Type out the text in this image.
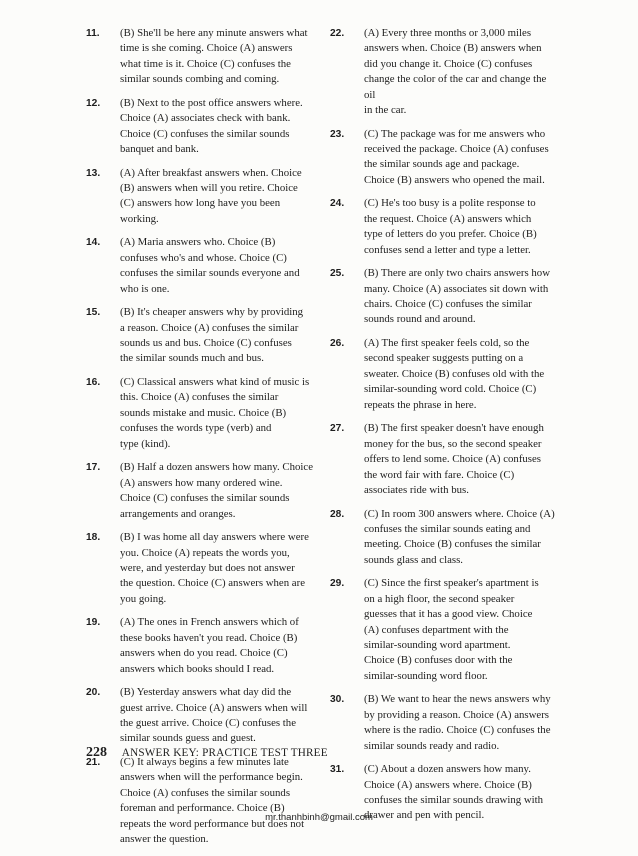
11. (B) She'll be here any minute answers what
time is she coming. Choice (A) answers
what time is it. Choice (C) confuses the
similar sounds combing and coming.
12. (B) Next to the post office answers where.
Choice (A) associates check with bank.
Choice (C) confuses the similar sounds
banquet and bank.
13. (A) After breakfast answers when. Choice
(B) answers when will you retire. Choice
(C) answers how long have you been
working.
14. (A) Maria answers who. Choice (B)
confuses who's and whose. Choice (C)
confuses the similar sounds everyone and
who is one.
15. (B) It's cheaper answers why by providing
a reason. Choice (A) confuses the similar
sounds us and bus. Choice (C) confuses
the similar sounds much and bus.
16. (C) Classical answers what kind of music is
this. Choice (A) confuses the similar
sounds mistake and music. Choice (B)
confuses the words type (verb) and
type (kind).
17. (B) Half a dozen answers how many. Choice
(A) answers how many ordered wine.
Choice (C) confuses the similar sounds
arrangements and oranges.
18. (B) I was home all day answers where were
you. Choice (A) repeats the words you,
were, and yesterday but does not answer
the question. Choice (C) answers when are
you going.
19. (A) The ones in French answers which of
these books haven't you read. Choice (B)
answers when do you read. Choice (C)
answers which books should I read.
20. (B) Yesterday answers what day did the
guest arrive. Choice (A) answers when will
the guest arrive. Choice (C) confuses the
similar sounds guess and guest.
21. (C) It always begins a few minutes late
answers when will the performance begin.
Choice (A) confuses the similar sounds
foreman and performance. Choice (B)
repeats the word performance but does not
answer the question.
22. (A) Every three months or 3,000 miles
answers when. Choice (B) answers when
did you change it. Choice (C) confuses
change the color of the car and change the oil
in the car.
23. (C) The package was for me answers who
received the package. Choice (A) confuses
the similar sounds age and package.
Choice (B) answers who opened the mail.
24. (C) He's too busy is a polite response to
the request. Choice (A) answers which
type of letters do you prefer. Choice (B)
confuses send a letter and type a letter.
25. (B) There are only two chairs answers how
many. Choice (A) associates sit down with
chairs. Choice (C) confuses the similar
sounds round and around.
26. (A) The first speaker feels cold, so the
second speaker suggests putting on a
sweater. Choice (B) confuses old with the
similar-sounding word cold. Choice (C)
repeats the phrase in here.
27. (B) The first speaker doesn't have enough
money for the bus, so the second speaker
offers to lend some. Choice (A) confuses
the word fair with fare. Choice (C)
associates ride with bus.
28. (C) In room 300 answers where. Choice (A)
confuses the similar sounds eating and
meeting. Choice (B) confuses the similar
sounds glass and class.
29. (C) Since the first speaker's apartment is
on a high floor, the second speaker
guesses that it has a good view. Choice
(A) confuses department with the
similar-sounding word apartment.
Choice (B) confuses door with the
similar-sounding word floor.
30. (B) We want to hear the news answers why
by providing a reason. Choice (A) answers
where is the radio. Choice (C) confuses the
similar sounds ready and radio.
31. (C) About a dozen answers how many.
Choice (A) answers where. Choice (B)
confuses the similar sounds drawing with
drawer and pen with pencil.
228 ANSWER KEY: PRACTICE TEST THREE
mr.thanhbinh@gmail.com
